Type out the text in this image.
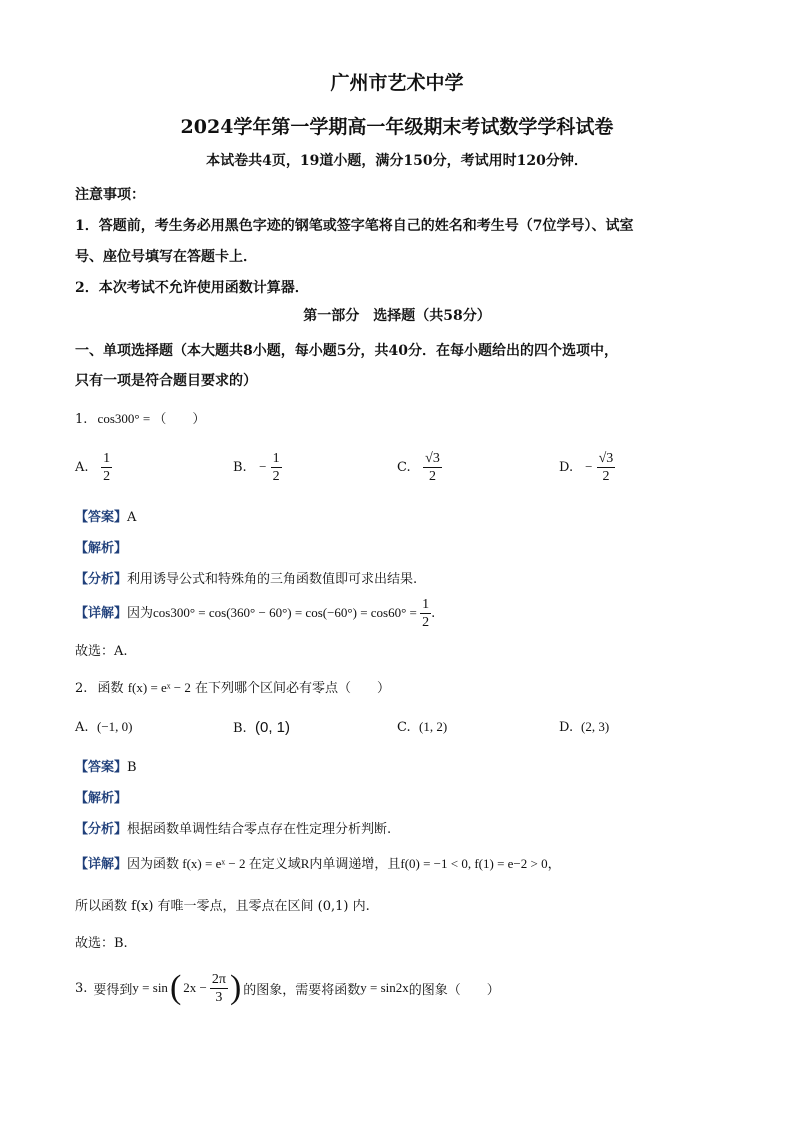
广州市艺术中学
2024学年第一学期高一年级期末考试数学学科试卷
本试卷共4页，19道小题，满分150分，考试用时120分钟．
注意事项：
1．答题前，考生务必用黑色字迹的钢笔或签字笔将自己的姓名和考生号（7位学号）、试室
号、座位号填写在答题卡上．
2．本次考试不允许使用函数计算器．
第一部分　选择题（共58分）
一、单项选择题（本大题共8小题，每小题5分，共40分．在每小题给出的四个选项中，
只有一项是符合题目要求的）
1. cos300° = （　　）
A. $\frac{1}{2}$	B. − $\frac{1}{2}$	C. $\frac{√3}{2}$	D. − $\frac{√3}{2}$
【答案】A
【解析】
【分析】利用诱导公式和特殊角的三角函数值即可求出结果.
【详解】因为$\cos 300^\circ = \cos(360^\circ - 60^\circ) = \cos(-60^\circ) = \cos 60^\circ = \frac{1}{2}$ .
故选：A.
2. 函数 f(x) = eˣ − 2 在下列哪个区间必有零点（　　）
A. (−1, 0)	B. (0, 1)	C. (1, 2)	D. (2, 3)
【答案】B
【解析】
【分析】根据函数单调性结合零点存在性定理分析判断.
【详解】因为函数 f(x) = eˣ − 2 在定义域R内单调递增，且f(0) = −1 < 0, f(1) = e−2 > 0，
所以函数 f(x) 有唯一零点，且零点在区间 (0,1) 内.
故选：B.
3. 要得到 y = sin ( $2x - \frac{2\pi}{3}$ ) 的图象，需要将函数 y = sin2x 的图象（　　）
